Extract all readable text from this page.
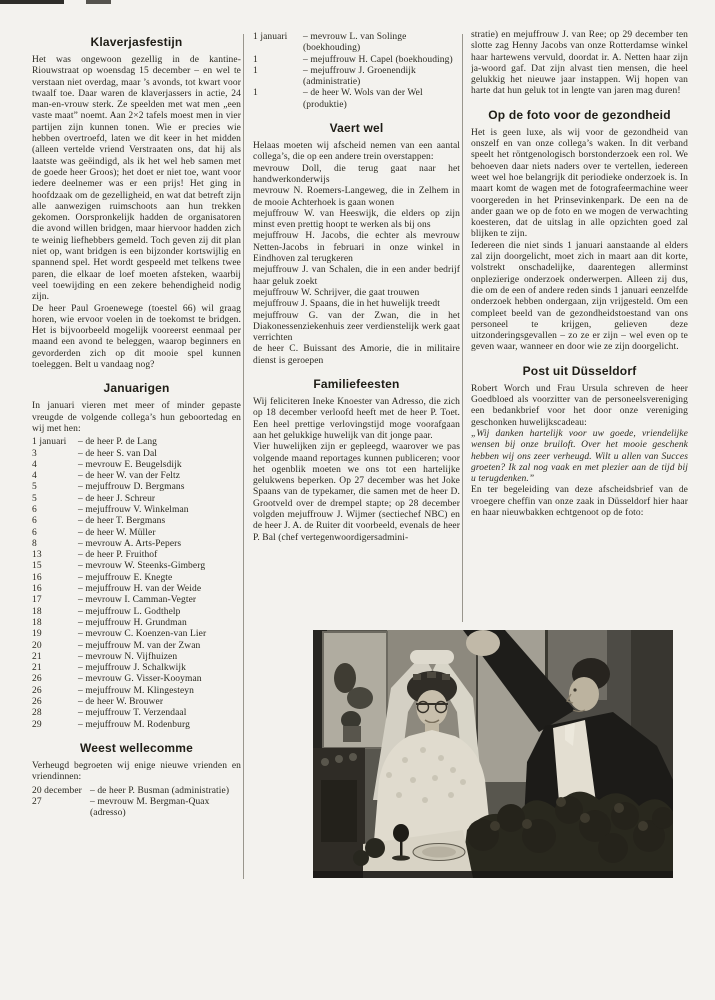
Klaverjasfestijn

Het was ongewoon gezellig in de kantine-Riouwstraat op woensdag 15 december – en wel te verstaan niet overdag, maar ’s avonds, tot kwart voor twaalf toe. Daar waren de klaverjassers in actie, 24 man-en-vrouw sterk. Ze speelden met wat men „een vaste maat” noemt. Aan 2×2 tafels moest men in vier partijen zijn kunnen tonen. Wie er precies wie hebben overtroefd, laten we dit keer in het midden (alleen vertelde vriend Verstraaten ons, dat hij als laatste was geëindigd, als ik het wel heb samen met de goede heer Groos); het doet er niet toe, want voor iedere deelnemer was er een prijs! Het ging in hoofdzaak om de gezelligheid, en wat dat betreft zijn alle aanwezigen ruimschoots aan hun trekken gekomen. Oorspronkelijk hadden de organisatoren die avond willen bridgen, maar hiervoor hadden zich te weinig liefhebbers gemeld. Toch geven zij dit plan niet op, want bridgen is een bijzonder kortswijlig en spannend spel. Het wordt gespeeld met telkens twee paren, die elkaar de loef moeten afsteken, waarbij veel toewijding en een zekere behendigheid nodig zijn.

De heer Paul Groenewege (toestel 66) wil graag horen, wie ervoor voelen in de toekomst te bridgen. Het is bijvoorbeeld mogelijk vooreerst eenmaal per maand een avond te beleggen, waarop beginners en gevorderden zich op dit mooie spel kunnen toeleggen. Belt u vandaag nog?

Januarigen

In januari vieren met meer of minder gepaste vreugde de volgende collega’s hun geboortedag en wij met hen:

1 januari	– de heer P. de Lang
3	– de heer S. van Dal
4	– mevrouw E. Beugelsdijk
4	– de heer W. van der Feltz
5	– mejuffrouw D. Bergmans
5	– de heer J. Schreur
6	– mejuffrouw V. Winkelman
6	– de heer T. Bergmans
6	– de heer W. Müller
8	– mevrouw A. Arts-Pepers
13	– de heer P. Fruithof
15	– mevrouw W. Steenks-Gimberg
16	– mejuffrouw E. Knegte
16	– mejuffrouw H. van der Weide
17	– mevrouw I. Camman-Vegter
18	– mejuffrouw L. Godthelp
18	– mejuffrouw H. Grundman
19	– mevrouw C. Koenzen-van Lier
20	– mejuffrouw M. van der Zwan
21	– mevrouw N. Vijfhuizen
21	– mejuffrouw J. Schalkwijk
26	– mevrouw G. Visser-Kooyman
26	– mejuffrouw M. Klingesteyn
26	– de heer W. Brouwer
28	– mejuffrouw T. Verzendaal
29	– mejuffrouw M. Rodenburg
Weest wellecomme

Verheugd begroeten wij enige nieuwe vrienden en vriendinnen:

20 december – de heer P. Busman (administratie)
27	– mevrouw M. Bergman-Quax (adresso)
1 januari	– mevrouw L. van Solinge (boekhouding)
1	– mejuffrouw H. Capel (boekhouding)
1	– mejuffrouw J. Groenendijk (administratie)
1	– de heer W. Wols van der Wel (produktie)
Vaert wel

Helaas moeten wij afscheid nemen van een aantal collega’s, die op een andere trein overstappen:

mevrouw Doll, die terug gaat naar het handwerkonderwijs

mevrouw N. Roemers-Langeweg, die in Zelhem in de mooie Achterhoek is gaan wonen

mejuffrouw W. van Heeswijk, die elders op zijn minst even prettig hoopt te werken als bij ons

mejuffrouw H. Jacobs, die echter als mevrouw Netten-Jacobs in februari in onze winkel in Eindhoven zal terugkeren

mejuffrouw J. van Schalen, die in een ander bedrijf haar geluk zoekt

mejuffrouw W. Schrijver, die gaat trouwen

mejuffrouw J. Spaans, die in het huwelijk treedt

mejuffrouw G. van der Zwan, die in het Diakonessenziekenhuis zeer verdienstelijk werk gaat verrichten

de heer C. Buissant des Amorie, die in militaire dienst is geroepen

Familiefeesten

Wij feliciteren Ineke Knoester van Adresso, die zich op 18 december verloofd heeft met de heer P. Toet. Een heel prettige verlovingstijd moge voorafgaan aan het gelukkige huwelijk van dit jonge paar.

Vier huwelijken zijn er gepleegd, waarover we pas volgende maand reportages kunnen publiceren; voor het ogenblik moeten we ons tot een hartelijke gelukwens beperken. Op 27 december was het Joke Spaans van de typekamer, die samen met de heer D. Grootveld over de drempel stapte; op 28 december volgden mejuffrouw J. Wijmer (sectiechef NBC) en de heer J. A. de Ruiter dit voorbeeld, evenals de heer P. Bal (chef vertegenwoordigersadmini-

stratie) en mejuffrouw J. van Ree; op 29 december ten slotte zag Henny Jacobs van onze Rotterdamse winkel haar hartewens vervuld, doordat ir. A. Netten haar zijn ja-woord gaf. Dat zijn alvast tien mensen, die heel gelukkig het nieuwe jaar instappen. Wij hopen van harte dat hun geluk tot in lengte van jaren mag duren!

Op de foto voor de gezondheid

Het is geen luxe, als wij voor de gezondheid van onszelf en van onze collega’s waken. In dit verband speelt het röntgenologisch borstonderzoek een rol. We behoeven daar niets naders over te vertellen, iedereen weet wel hoe belangrijk dit periodieke onderzoek is. In maart komt de wagen met de fotografeermachine weer voorgereden in het Prinsevinkenpark. De een na de ander gaan we op de foto en we mogen de verwachting koesteren, dat de uitslag in alle opzichten goed zal blijken te zijn.

Iedereen die niet sinds 1 januari aanstaande al elders zal zijn doorgelicht, moet zich in maart aan dit korte, volstrekt onschadelijke, daarentegen allerminst onplezierige onderzoek onderwerpen. Alleen zij dus, die om de een of andere reden sinds 1 januari eenzelfde onderzoek hebben ondergaan, zijn vrijgesteld. Om een compleet beeld van de gezondheidstoestand van ons personeel te krijgen, gelieven deze uitzonderingsgevallen – zo ze er zijn – wel even op te geven waar, wanneer en door wie ze zijn doorgelicht.

Post uit Düsseldorf

Robert Worch und Frau Ursula schreven de heer Goedbloed als voorzitter van de personeelsvereniging een bedankbrief voor het door onze vereniging geschonken huwelijkscadeau:

„Wij danken hartelijk voor uw goede, vriendelijke wensen bij onze bruiloft. Over het mooie geschenk hebben wij ons zeer verheugd. Wilt u allen van Succes groeten? Ik zal nog vaak en met plezier aan de tijd bij u terugdenken.”

En ter begeleiding van deze afscheidsbrief van de vroegere cheffin van onze zaak in Düsseldorf hier haar en haar nieuwbakken echtgenoot op de foto:
